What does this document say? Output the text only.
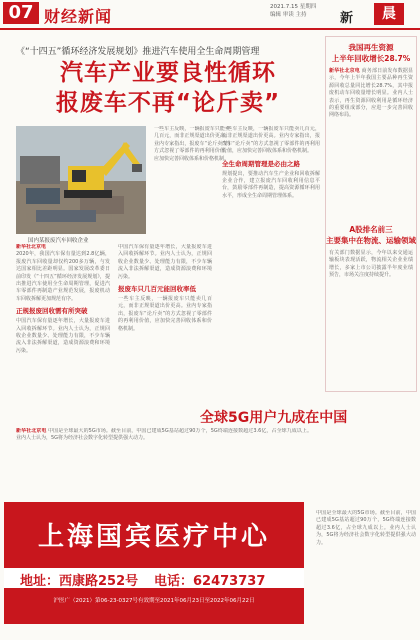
07 财经新闻	2021.7.15 星期四
编辑 审读 主持	新	晨
《“十四五”循环经济发展规划》推进汽车使用全生命周期管理
汽车产业要良性循环
报废车不再“论斤卖”
国内某报废汽车回收企业
新华社北京电
2020年，我国汽车保有量达到2.8亿辆，报废汽车回收量却仅约200多万辆，与发达国家相比差距明显。国家发展改革委日前印发《“十四五”循环经济发展规划》，提出推进汽车使用全生命周期管理，促进汽车零部件再制造产业规范发展，报废机动车回收拆解更加规范有序。
正规报废回收需有所突破
中国汽车保有量逐年增长，大量报废车进入回收拆解环节。业内人士认为，正规回收企业数量少、处理能力有限，不少车辆流入非法拆解渠道，造成资源浪费和环境污染。
中国汽车保有量逐年增长，大量报废车进入回收拆解环节。业内人士认为，正规回收企业数量少、处理能力有限，不少车辆流入非法拆解渠道，造成资源浪费和环境污染。
报废车只几百元能回收率低
一些车主反映，一辆报废车只能卖几百元，而非正规渠道出价更高。业内专家指出，报废车“论斤卖”的方式忽视了零部件的再利用价值，应加快完善回收体系和价格机制。
一些车主反映，一辆报废车只能卖几百元，而非正规渠道出价更高。业内专家指出，报废车“论斤卖”的方式忽视了零部件的再利用价值，应加快完善回收体系和价格机制。
一些车主反映，一辆报废车只能卖几百元，而非正规渠道出价更高。业内专家指出，报废车“论斤卖”的方式忽视了零部件的再利用价值，应加快完善回收体系和价格机制。
全生命周期管理是必由之路
规划提出，要推动汽车生产企业和回收拆解企业合作，建立报废汽车回收利用信息平台，鼓励零部件再制造，提高资源循环利用水平，形成全生命周期管理体系。
我国再生资源
上半年回收增长28.7%
新华社北京电 商务部日前发布数据显示，今年上半年我国主要品种再生资源回收总量同比增长28.7%，其中报废机动车回收量增长明显。业内人士表示，再生资源回收利用是循环经济的重要组成部分，应进一步完善回收网络布局。
A股排名前三
主要集中在物流、运输领域
有关部门数据显示，今年以来交通运输板块表现活跃，物流相关企业业绩增长，多家上市公司披露半年度业绩预告，市场关注度持续提升。
全球5G用户九成在中国
新华社北京电 中国是全球最大的5G市场。截至目前，中国已建成5G基站超过90万个，5G终端连接数超过3.6亿，占全球九成以上。业内人士认为，5G将为经济社会数字化转型提供强大动力。
中国是全球最大的5G市场。截至目前，中国已建成5G基站超过90万个，5G终端连接数超过3.6亿，占全球九成以上。业内人士认为，5G将为经济社会数字化转型提供强大动力。
上海国宾医疗中心
地址：西康路252号 电话：62473737
沪医广（2021）第06-23-0327号有效期至2021年06月23日至2022年06月22日
